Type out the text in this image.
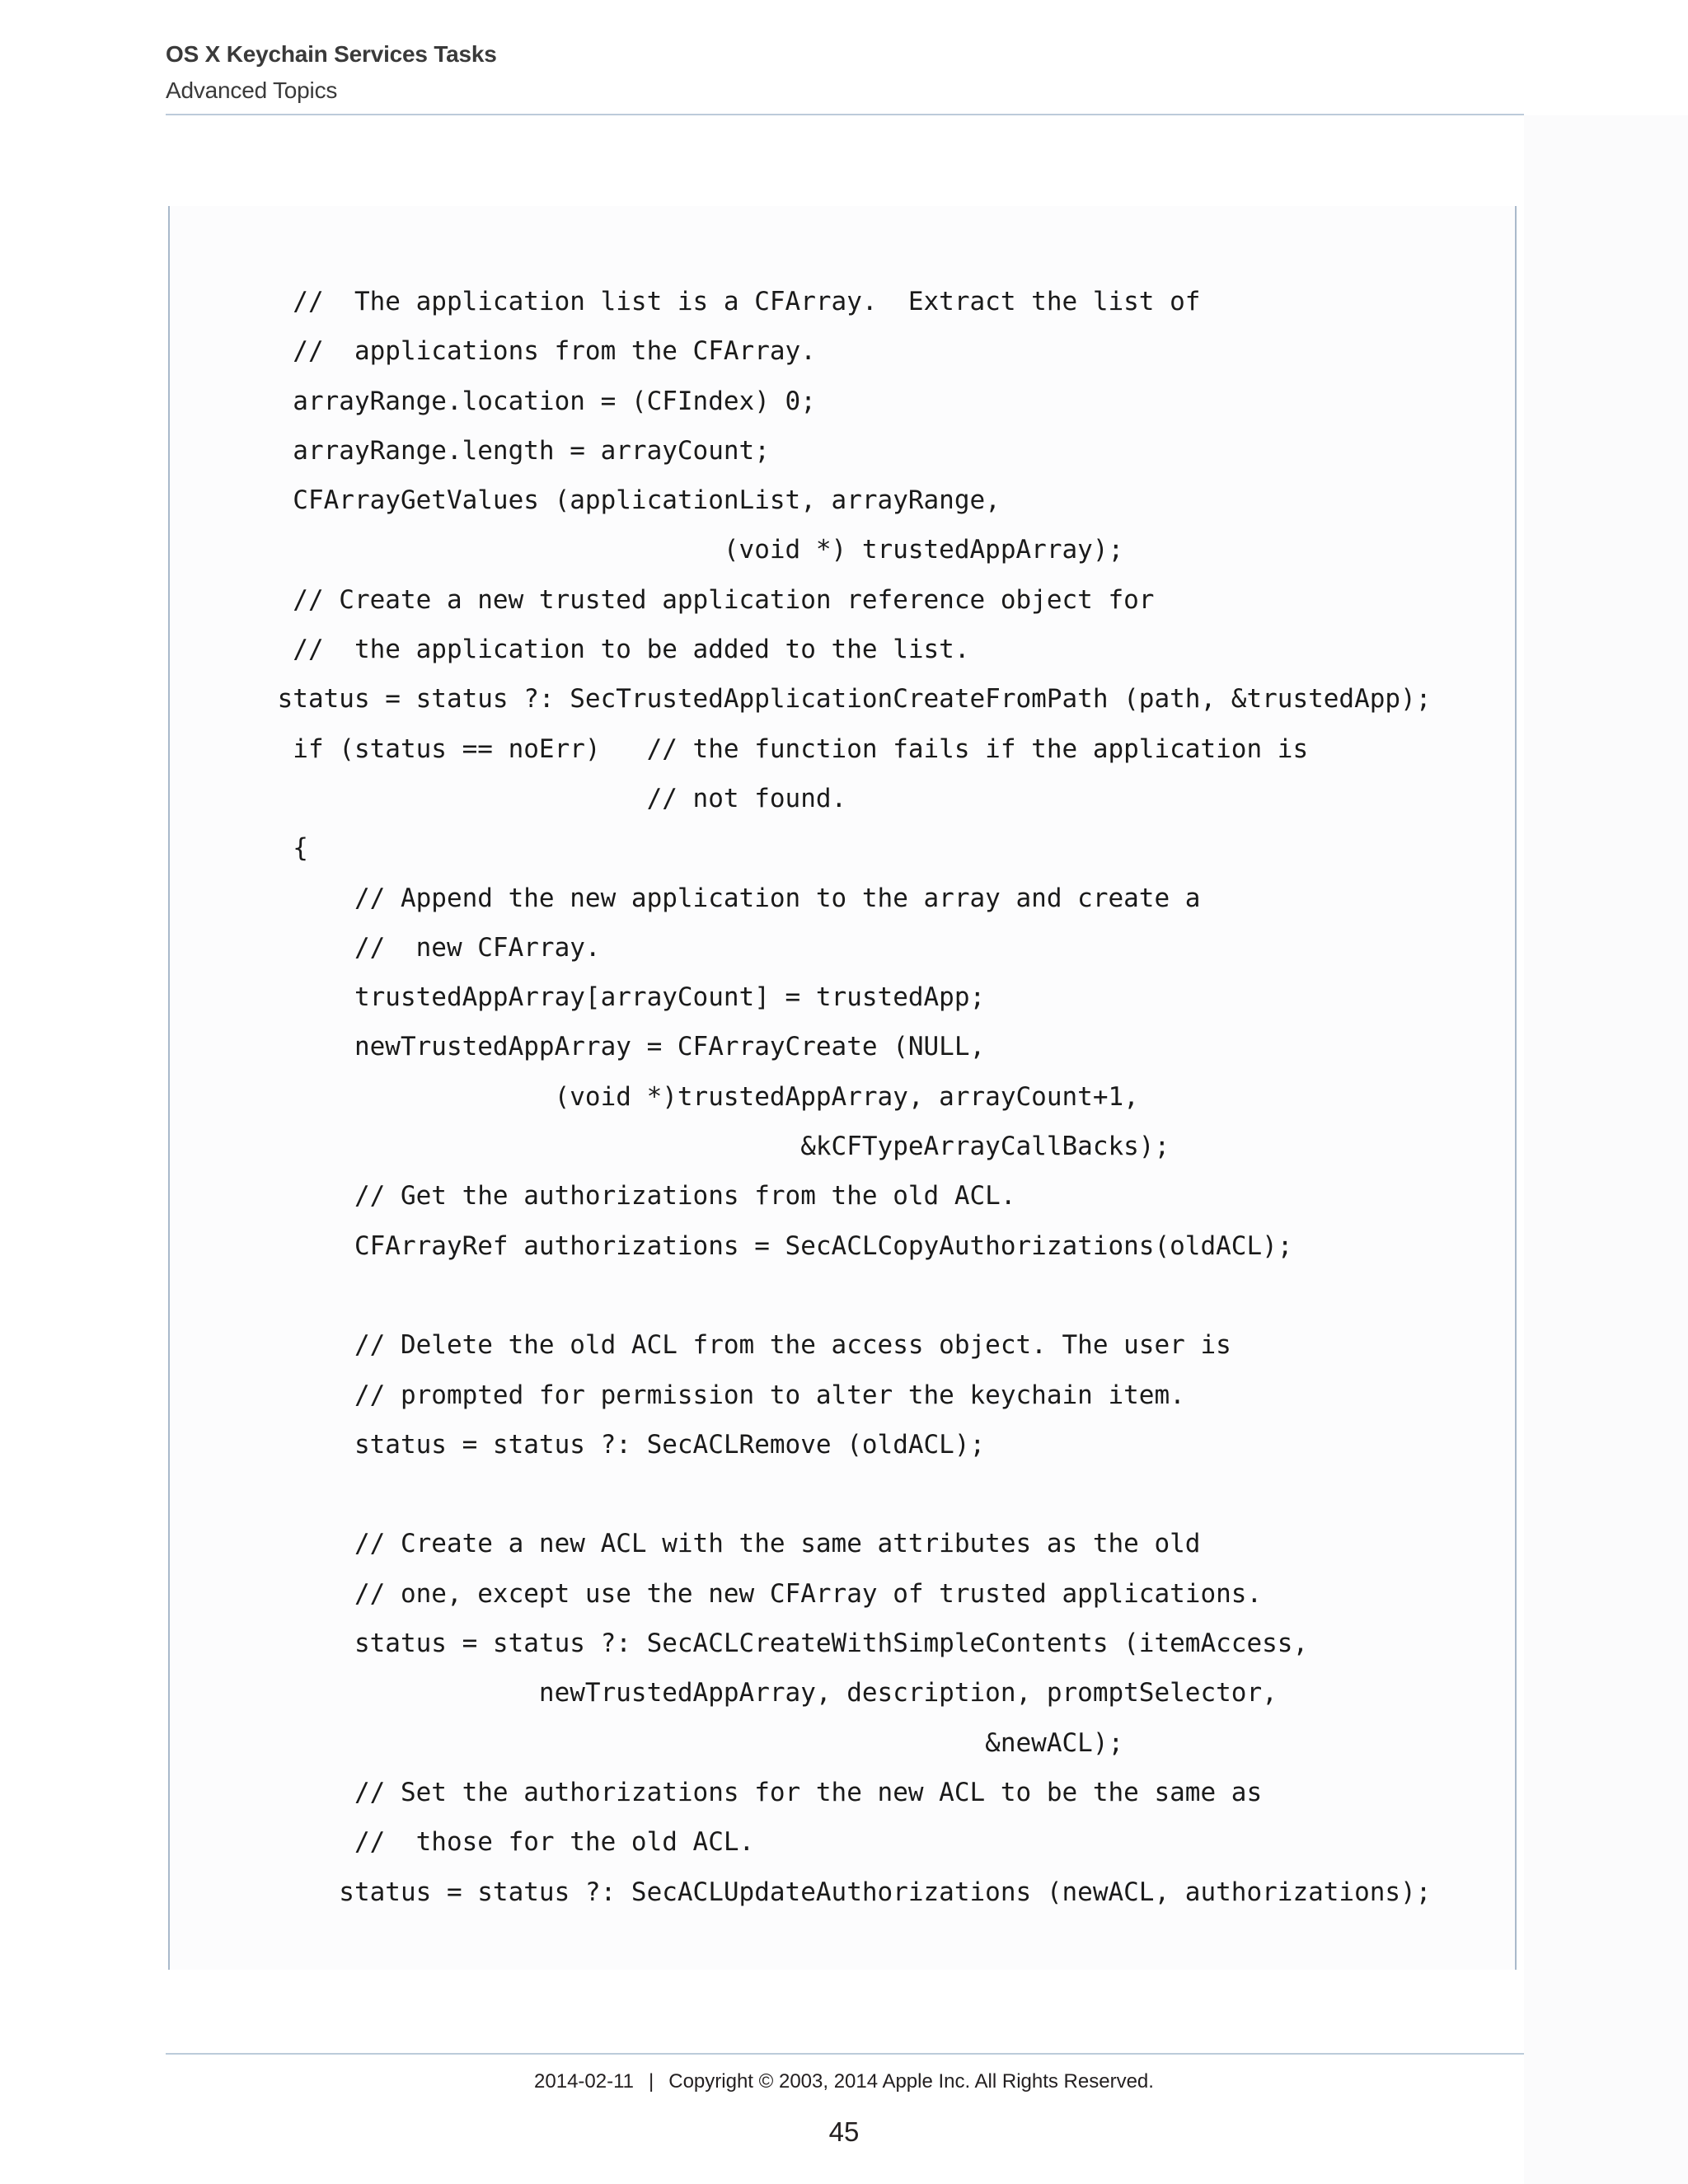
OS X Keychain Services Tasks
Advanced Topics
//  The application list is a CFArray.  Extract the list of
//  applications from the CFArray.
arrayRange.location = (CFIndex) 0;
arrayRange.length = arrayCount;
CFArrayGetValues (applicationList, arrayRange,
(void *) trustedAppArray);
// Create a new trusted application reference object for
//  the application to be added to the list.
status = status ?: SecTrustedApplicationCreateFromPath (path, &trustedApp);
if (status == noErr)   // the function fails if the application is
// not found.
{
// Append the new application to the array and create a
//  new CFArray.
trustedAppArray[arrayCount] = trustedApp;
newTrustedAppArray = CFArrayCreate (NULL,
(void *)trustedAppArray, arrayCount+1,
&kCFTypeArrayCallBacks);
// Get the authorizations from the old ACL.
CFArrayRef authorizations = SecACLCopyAuthorizations(oldACL);
// Delete the old ACL from the access object. The user is
// prompted for permission to alter the keychain item.
status = status ?: SecACLRemove (oldACL);
// Create a new ACL with the same attributes as the old
// one, except use the new CFArray of trusted applications.
status = status ?: SecACLCreateWithSimpleContents (itemAccess,
newTrustedAppArray, description, promptSelector,
&newACL);
// Set the authorizations for the new ACL to be the same as
//  those for the old ACL.
status = status ?: SecACLUpdateAuthorizations (newACL, authorizations);
2014-02-11 | Copyright © 2003, 2014 Apple Inc. All Rights Reserved.
45
